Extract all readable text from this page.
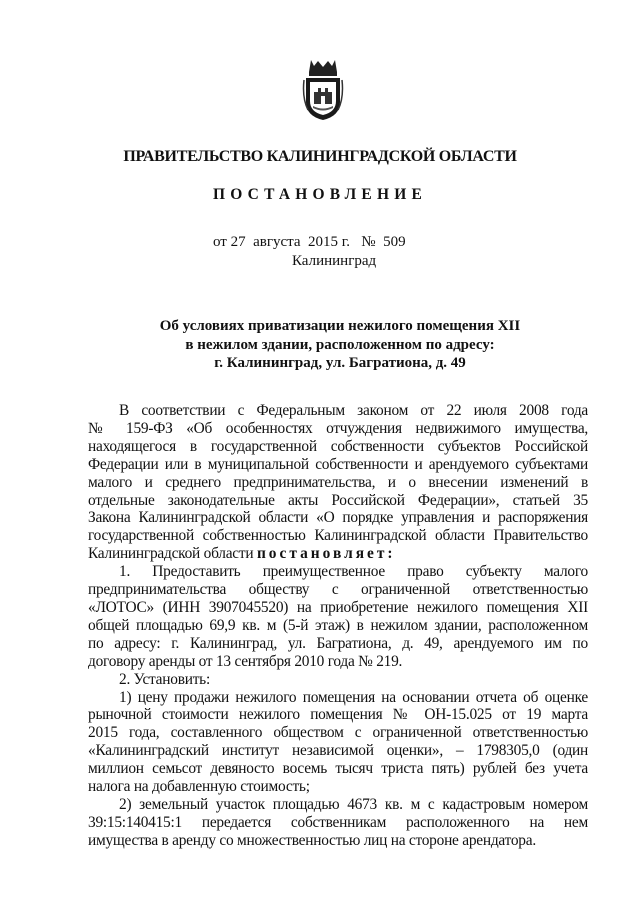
ПРАВИТЕЛЬСТВО КАЛИНИНГРАДСКОЙ ОБЛАСТИ
ПОСТАНОВЛЕНИЕ
от 27  августа  2015 г.   №  509
Калининград
Об условиях приватизации нежилого помещения XII
в нежилом здании, расположенном по адресу:
г. Калининград, ул. Багратиона, д. 49
В соответствии с Федеральным законом от 22 июля 2008 года
№ 159-ФЗ «Об особенностях отчуждения недвижимого имущества,
находящегося в государственной собственности субъектов Российской
Федерации или в муниципальной собственности и арендуемого субъектами
малого и среднего предпринимательства, и о внесении изменений в
отдельные законодательные акты Российской Федерации», статьей 35
Закона Калининградской области «О порядке управления и распоряжения
государственной собственностью Калининградской области Правительство
Калининградской области постановляет:
1. Предоставить преимущественное право субъекту малого
предпринимательства обществу с ограниченной ответственностью
«ЛОТОС» (ИНН 3907045520) на приобретение нежилого помещения XII
общей площадью 69,9 кв. м (5-й этаж) в нежилом здании, расположенном
по адресу: г. Калининград, ул. Багратиона, д. 49, арендуемого им по
договору аренды от 13 сентября 2010 года № 219.
2. Установить:
1) цену продажи нежилого помещения на основании отчета об оценке
рыночной стоимости нежилого помещения № ОН-15.025 от 19 марта
2015 года, составленного обществом с ограниченной ответственностью
«Калининградский институт независимой оценки», – 1798305,0 (один
миллион семьсот девяносто восемь тысяч триста пять) рублей без учета
налога на добавленную стоимость;
2) земельный участок площадью 4673 кв. м с кадастровым номером
39:15:140415:1 передается собственникам расположенного на нем
имущества в аренду со множественностью лиц на стороне арендатора.
